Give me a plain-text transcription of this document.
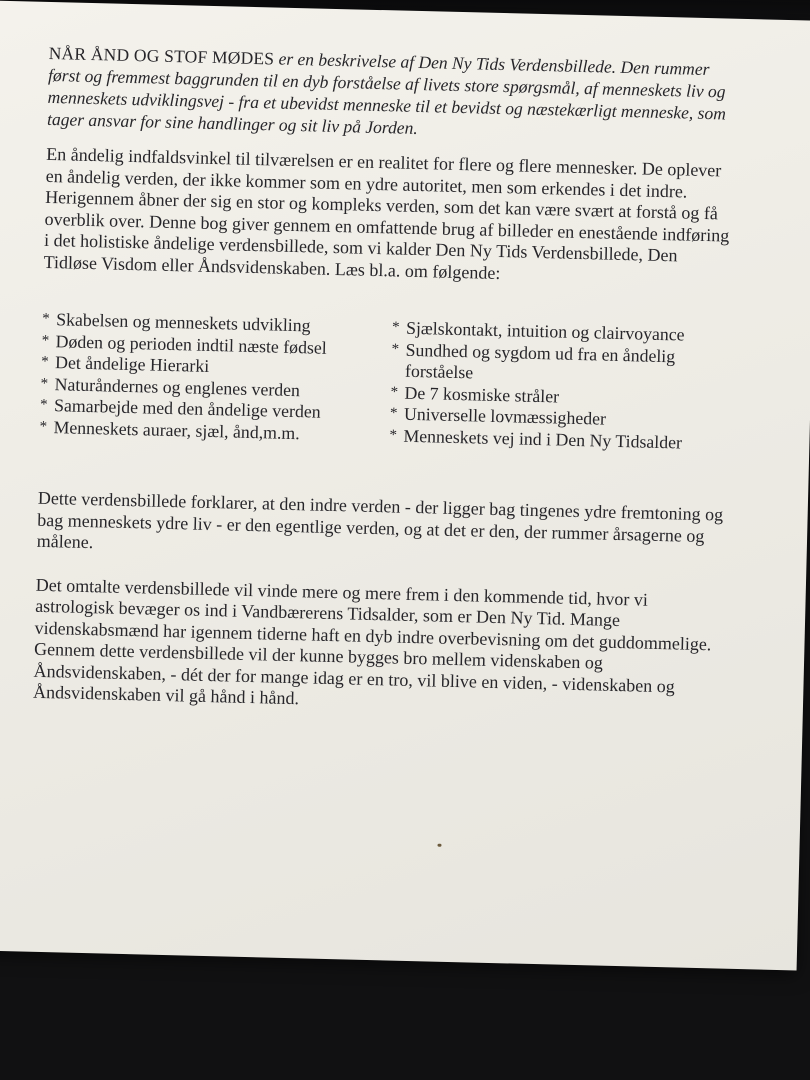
NÅR ÅND OG STOF MØDES er en beskrivelse af Den Ny Tids Verdensbillede. Den rummer først og fremmest baggrunden til en dyb forståelse af livets store spørgsmål, af menneskets liv og menneskets udviklingsvej - fra et ubevidst menneske til et bevidst og næstekærligt menneske, som tager ansvar for sine handlinger og sit liv på Jorden.

En åndelig indfaldsvinkel til tilværelsen er en realitet for flere og flere mennesker. De oplever en åndelig verden, der ikke kommer som en ydre autoritet, men som erkendes i det indre. Herigennem åbner der sig en stor og kompleks verden, som det kan være svært at forstå og få overblik over. Denne bog giver gennem en omfattende brug af billeder en enestående indføring i det holistiske åndelige verdensbillede, som vi kalder Den Ny Tids Verdensbillede, Den Tidløse Visdom eller Åndsvidenskaben. Læs bl.a. om følgende:

* Skabelsen og menneskets udvikling
* Døden og perioden indtil næste fødsel
* Det åndelige Hierarki
* Naturåndernes og englenes verden
* Samarbejde med den åndelige verden
* Menneskets auraer, sjæl, ånd,m.m.
* Sjælskontakt, intuition og clairvoyance
* Sundhed og sygdom ud fra en åndelig forståelse
* De 7 kosmiske stråler
* Universelle lovmæssigheder
* Menneskets vej ind i Den Ny Tidsalder

Dette verdensbillede forklarer, at den indre verden - der ligger bag tingenes ydre fremtoning og bag menneskets ydre liv - er den egentlige verden, og at det er den, der rummer årsagerne og målene.

Det omtalte verdensbillede vil vinde mere og mere frem i den kommende tid, hvor vi astrologisk bevæger os ind i Vandbærerens Tidsalder, som er Den Ny Tid. Mange videnskabsmænd har igennem tiderne haft en dyb indre overbevisning om det guddommelige. Gennem dette verdensbillede vil der kunne bygges bro mellem videnskaben og Åndsvidenskaben, - dét der for mange idag er en tro, vil blive en viden, - videnskaben og Åndsvidenskaben vil gå hånd i hånd.
